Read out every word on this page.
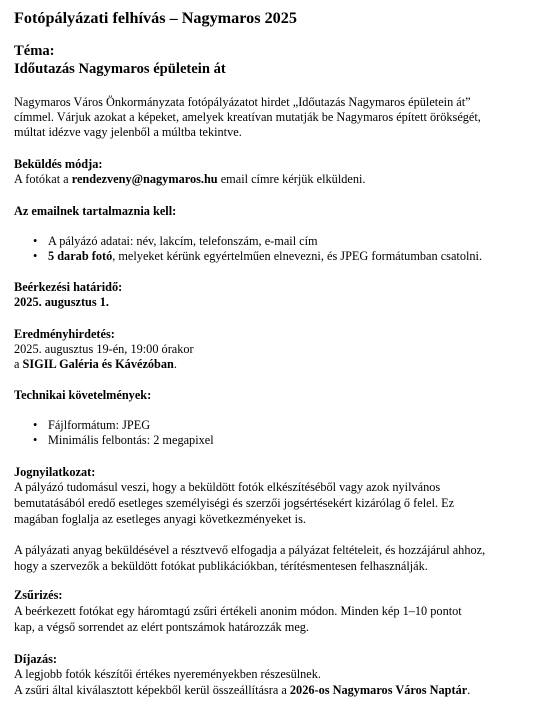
Fotópályázati felhívás – Nagymaros 2025
Téma:
Időutazás Nagymaros épületein át
Nagymaros Város Önkormányzata fotópályázatot hirdet „Időutazás Nagymaros épületein át”
címmel. Várjuk azokat a képeket, amelyek kreatívan mutatják be Nagymaros épített örökségét,
múltat idézve vagy jelenből a múltba tekintve.
Beküldés módja:
A fotókat a rendezveny@nagymaros.hu email címre kérjük elküldeni.
Az emailnek tartalmaznia kell:
• A pályázó adatai: név, lakcím, telefonszám, e-mail cím
• 5 darab fotó, melyeket kérünk egyértelműen elnevezni, és JPEG formátumban csatolni.
Beérkezési határidő:
2025. augusztus 1.
Eredményhirdetés:
2025. augusztus 19-én, 19:00 órakor
a SIGIL Galéria és Kávézóban.
Technikai követelmények:
• Fájlformátum: JPEG
• Minimális felbontás: 2 megapixel
Jognyilatkozat:
A pályázó tudomásul veszi, hogy a beküldött fotók elkészítéséből vagy azok nyilvános
bemutatásából eredő esetleges személyiségi és szerzői jogsértésekért kizárólag ő felel. Ez
magában foglalja az esetleges anyagi következményeket is.
A pályázati anyag beküldésével a résztvevő elfogadja a pályázat feltételeit, és hozzájárul ahhoz,
hogy a szervezők a beküldött fotókat publikációkban, térítésmentesen felhasználják.
Zsűrizés:
A beérkezett fotókat egy háromtagú zsűri értékeli anonim módon. Minden kép 1–10 pontot
kap, a végső sorrendet az elért pontszámok határozzák meg.
Díjazás:
A legjobb fotók készítői értékes nyereményekben részesülnek.
A zsűri által kiválasztott képekből kerül összeállításra a 2026-os Nagymaros Város Naptár.
